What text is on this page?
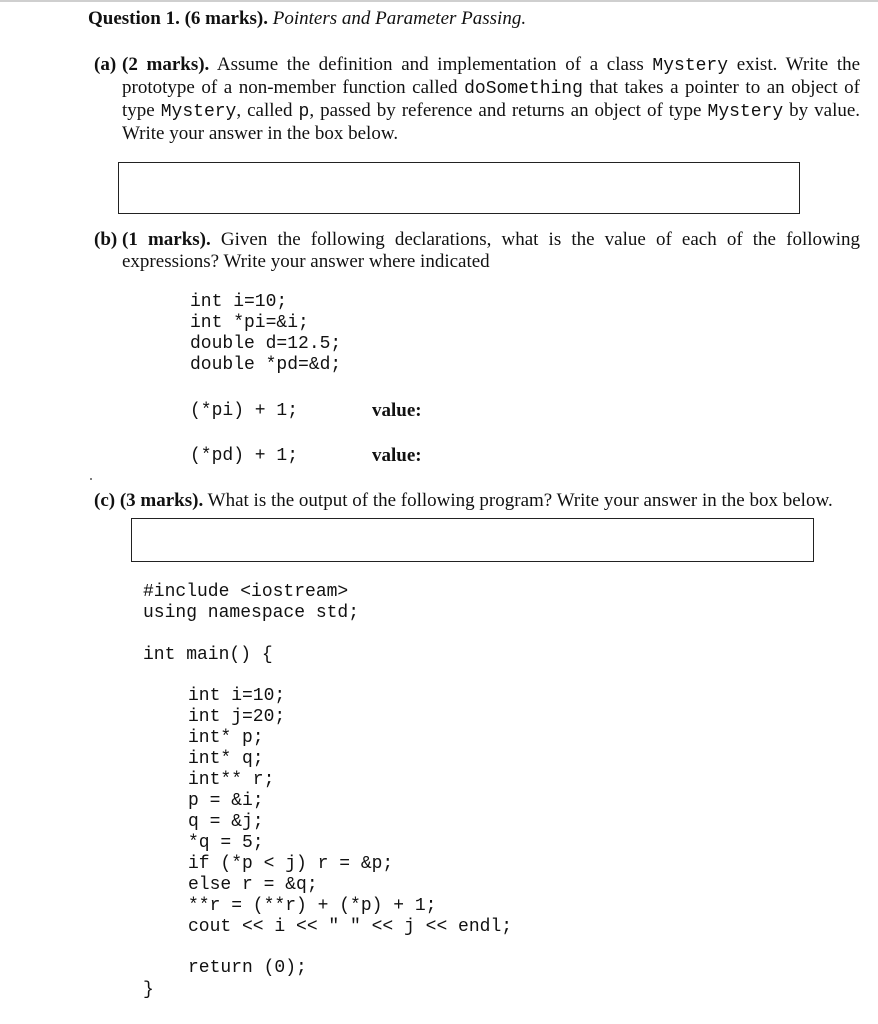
Question 1. (6 marks). Pointers and Parameter Passing.
(a) (2 marks). Assume the definition and implementation of a class Mystery exist. Write the prototype of a non-member function called doSomething that takes a pointer to an object of type Mystery, called p, passed by reference and returns an object of type Mystery by value. Write your answer in the box below.
(b) (1 marks). Given the following declarations, what is the value of each of the following expressions? Write your answer where indicated
int i=10;
int *pi=&i;
double d=12.5;
double *pd=&d;
(*pi) + 1;	value:
(*pd) + 1;	value:
(c) (3 marks). What is the output of the following program? Write your answer in the box below.
#include <iostream>
using namespace std;
int main() {
int i=10;
int j=20;
int* p;
int* q;
int** r;
p = &i;
q = &j;
*q = 5;
if (*p < j) r = &p;
else r = &q;
**r = (**r) + (*p) + 1;
cout << i << " " << j << endl;
return (0);
}
